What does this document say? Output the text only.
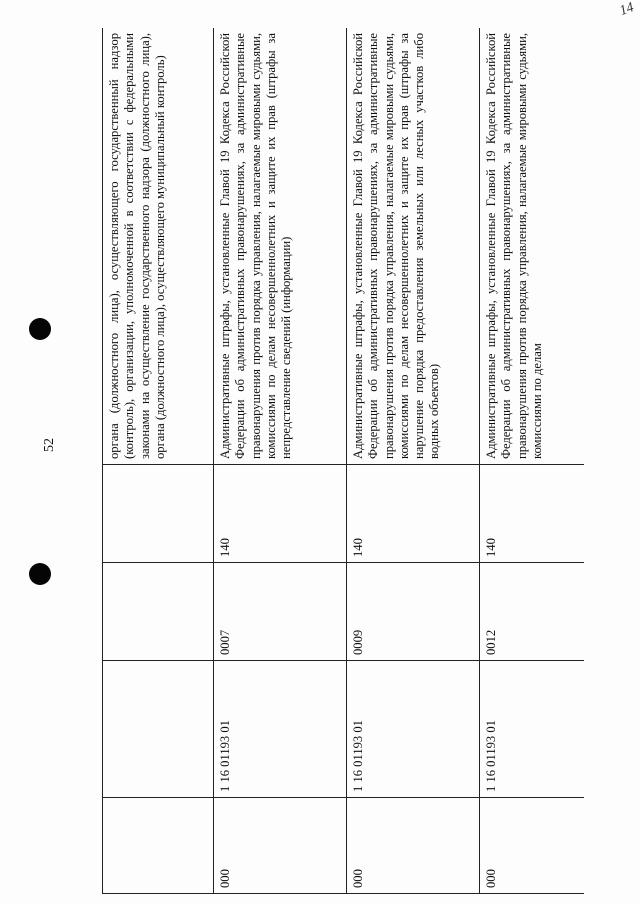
52
14
				органа (должностного лица), осуществляющего государственный надзор (контроль), организации, уполномоченной в соответствии с федеральными законами на осуществление государственного надзора (должностного лица), органа (должностного лица), осуществляющего муниципальный контроль)
000	1 16 01193 01	0007	140	Административные штрафы, установленные Главой 19 Кодекса Российской Федерации об административных правонарушениях, за административные правонарушения против порядка управления, налагаемые мировыми судьями, комиссиями по делам несовершеннолетних и защите их прав (штрафы за непредставление сведений (информации)
000	1 16 01193 01	0009	140	Административные штрафы, установленные Главой 19 Кодекса Российской Федерации об административных правонарушениях, за административные правонарушения против порядка управления, налагаемые мировыми судьями, комиссиями по делам несовершеннолетних и защите их прав (штрафы за нарушение порядка предоставления земельных или лесных участков либо водных объектов)
000	1 16 01193 01	0012	140	Административные штрафы, установленные Главой 19 Кодекса Российской Федерации об административных правонарушениях, за административные правонарушения против порядка управления, налагаемые мировыми судьями, комиссиями по делам
